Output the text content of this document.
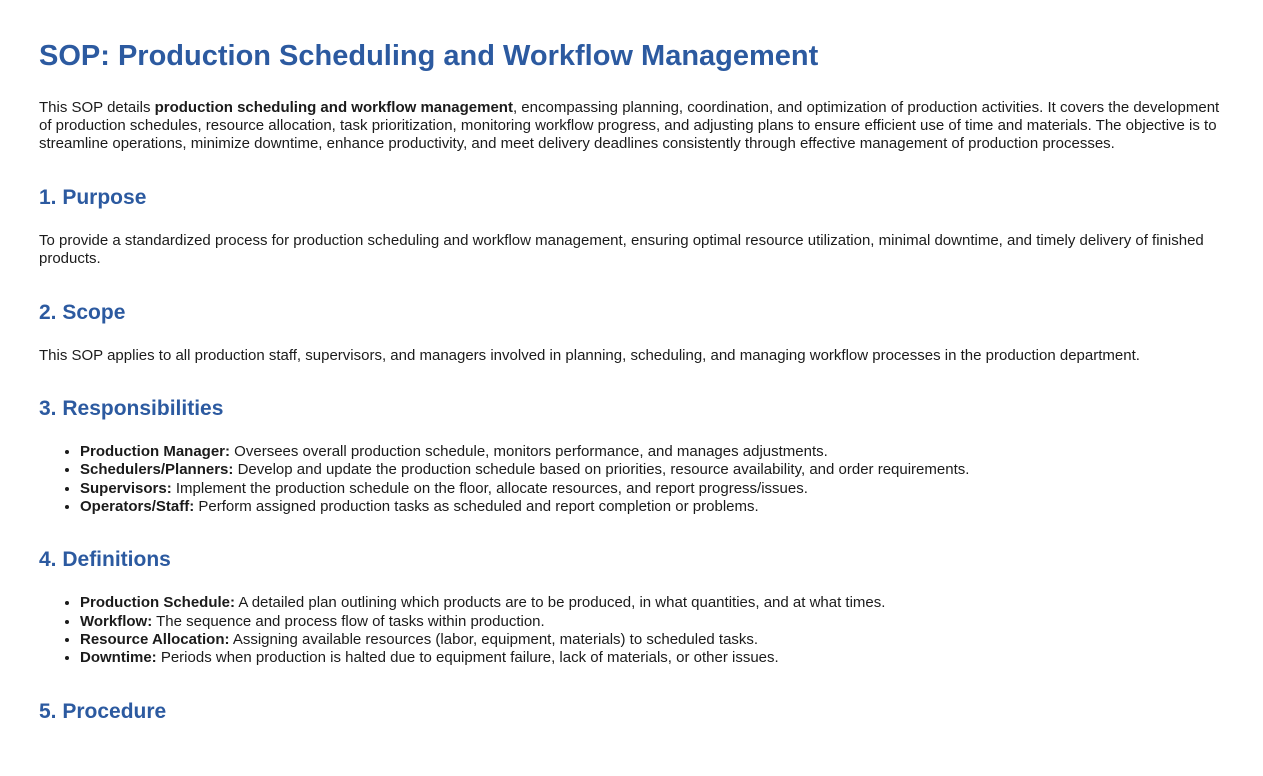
SOP: Production Scheduling and Workflow Management

This SOP details production scheduling and workflow management, encompassing planning, coordination, and optimization of production activities. It covers the development of production schedules, resource allocation, task prioritization, monitoring workflow progress, and adjusting plans to ensure efficient use of time and materials. The objective is to streamline operations, minimize downtime, enhance productivity, and meet delivery deadlines consistently through effective management of production processes.

1. Purpose

To provide a standardized process for production scheduling and workflow management, ensuring optimal resource utilization, minimal downtime, and timely delivery of finished products.

2. Scope

This SOP applies to all production staff, supervisors, and managers involved in planning, scheduling, and managing workflow processes in the production department.

3. Responsibilities
• Production Manager: Oversees overall production schedule, monitors performance, and manages adjustments.
• Schedulers/Planners: Develop and update the production schedule based on priorities, resource availability, and order requirements.
• Supervisors: Implement the production schedule on the floor, allocate resources, and report progress/issues.
• Operators/Staff: Perform assigned production tasks as scheduled and report completion or problems.
4. Definitions
• Production Schedule: A detailed plan outlining which products are to be produced, in what quantities, and at what times.
• Workflow: The sequence and process flow of tasks within production.
• Resource Allocation: Assigning available resources (labor, equipment, materials) to scheduled tasks.
• Downtime: Periods when production is halted due to equipment failure, lack of materials, or other issues.
5. Procedure
